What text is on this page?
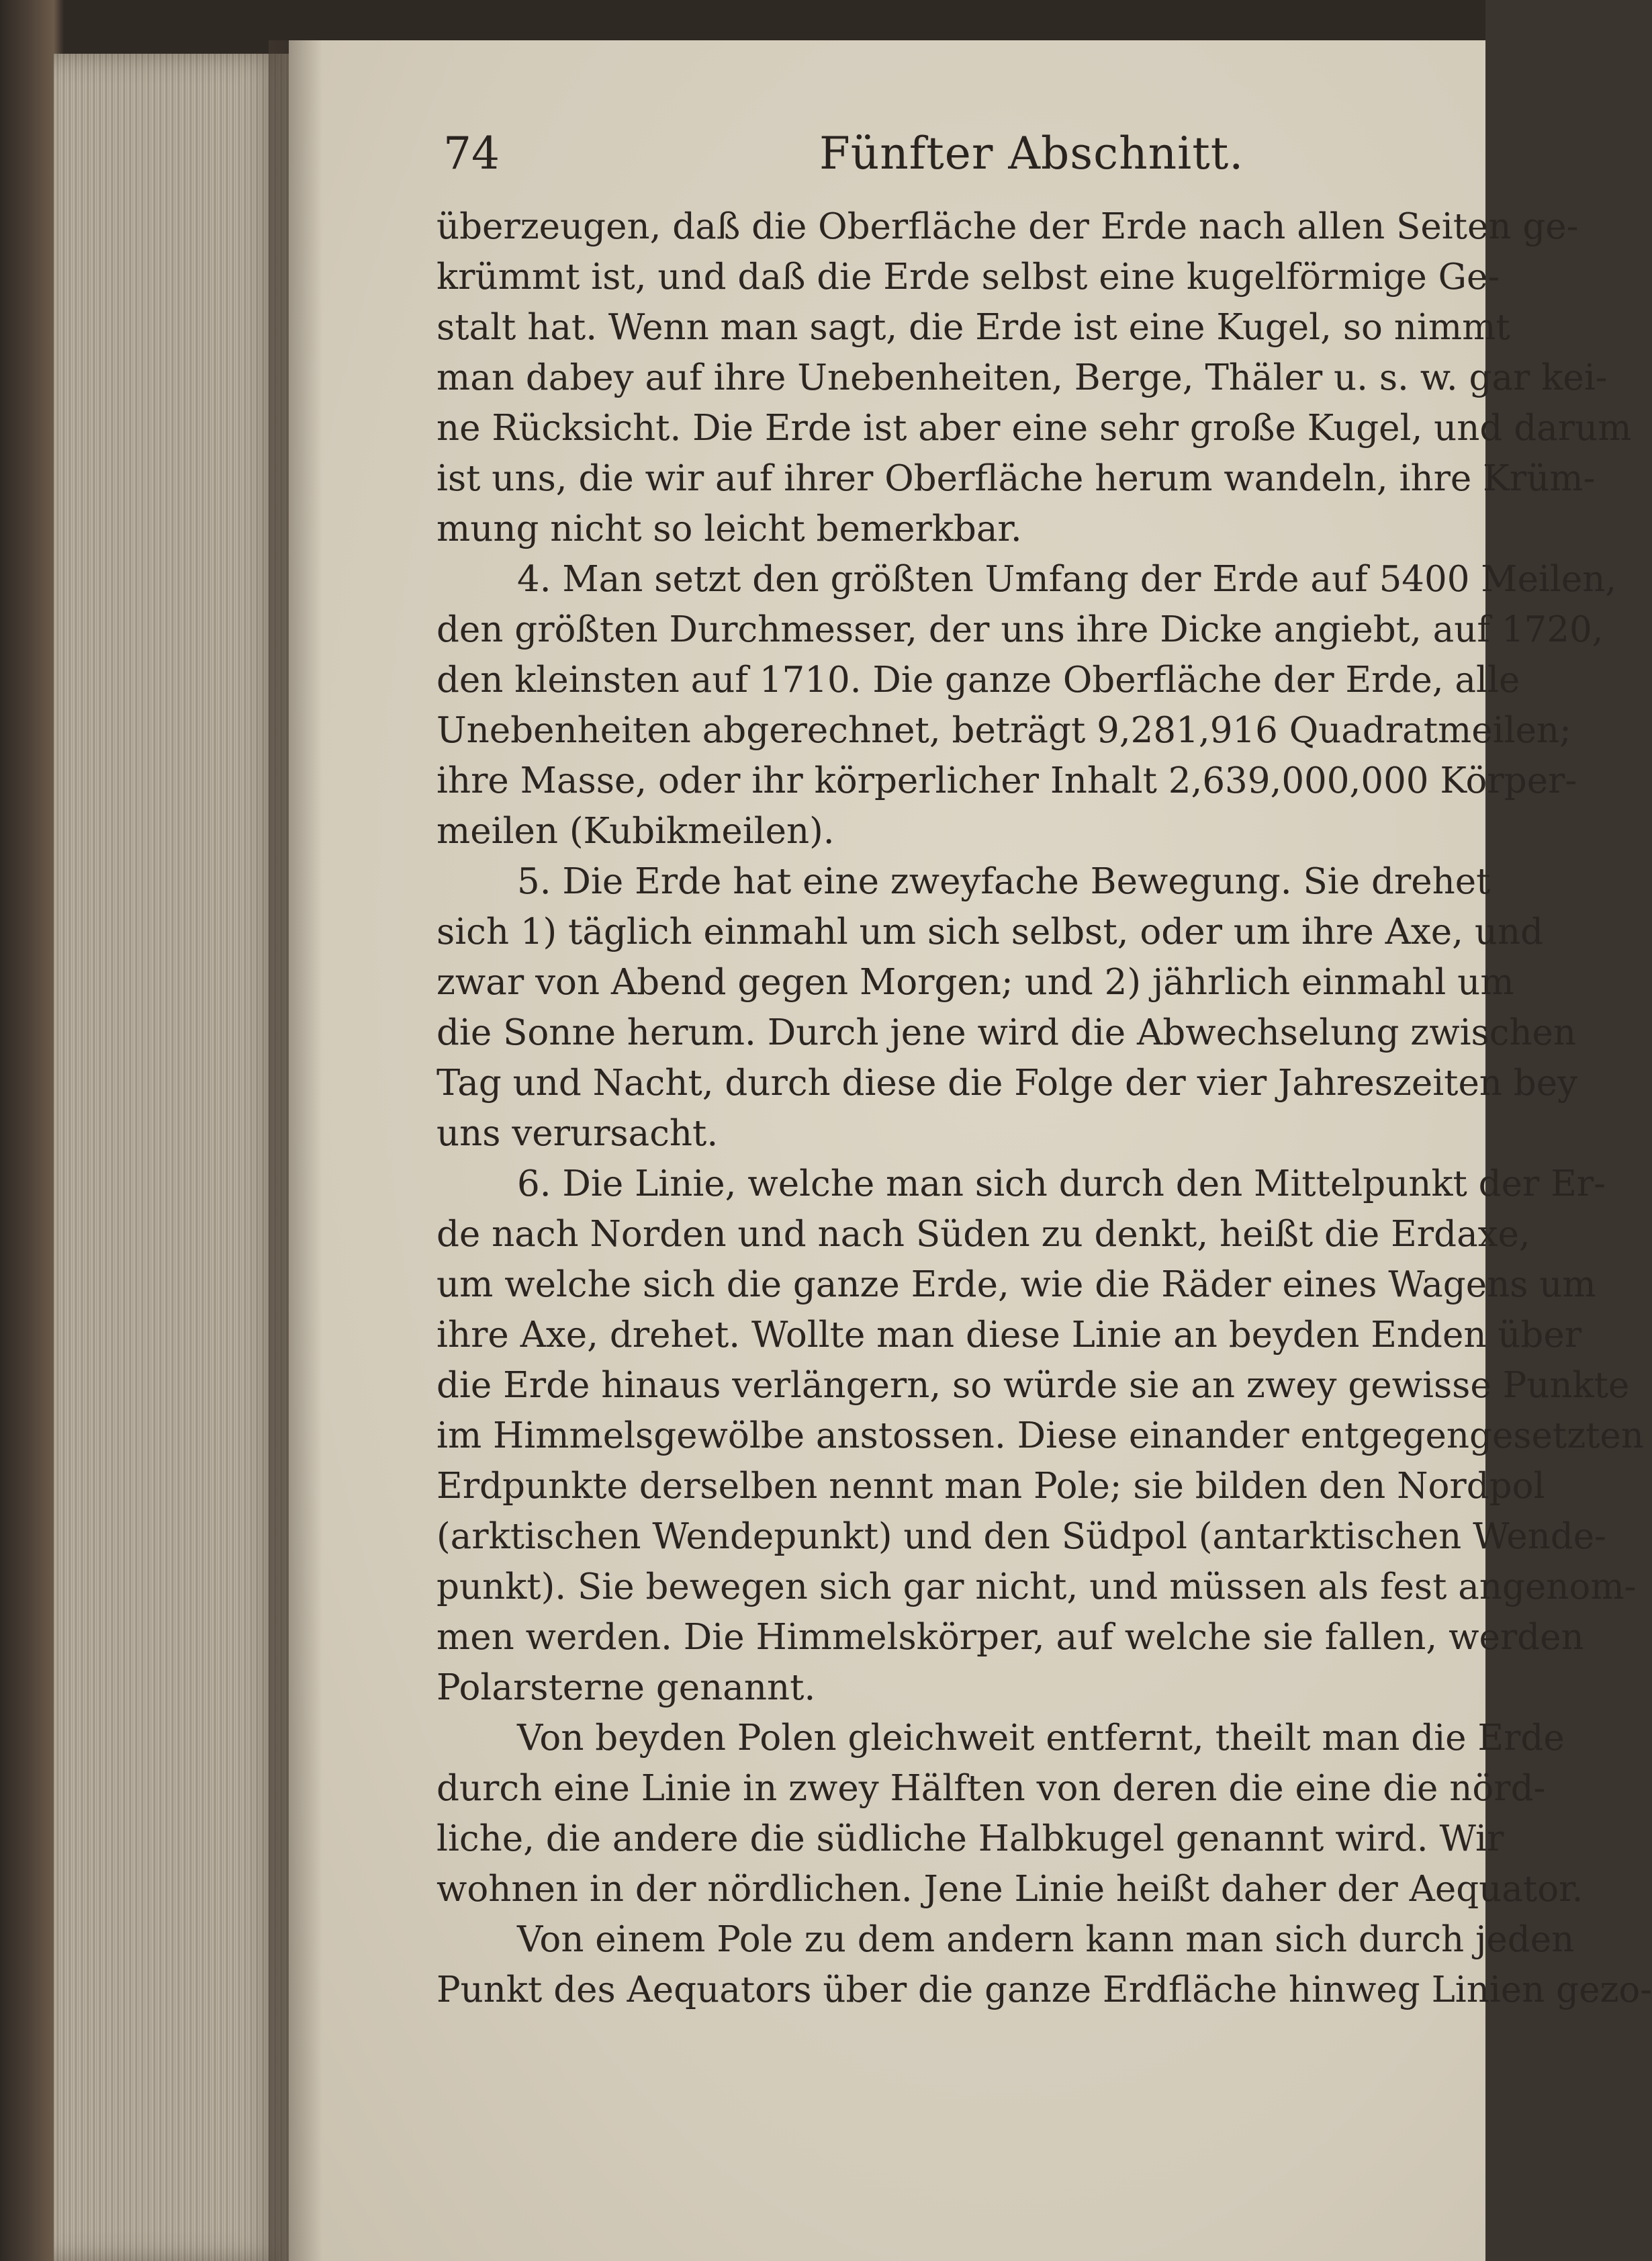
74	Fünfter Abschnitt.
überzeugen, daß die Oberfläche der Erde nach allen Seiten ge-
krümmt ist, und daß die Erde selbst eine kugelförmige Ge-
stalt hat. Wenn man sagt, die Erde ist eine Kugel, so nimmt
man dabey auf ihre Unebenheiten, Berge, Thäler u. s. w. gar kei-
ne Rücksicht. Die Erde ist aber eine sehr große Kugel, und darum
ist uns, die wir auf ihrer Oberfläche herum wandeln, ihre Krüm-
mung nicht so leicht bemerkbar.
4. Man setzt den größten Umfang der Erde auf 5400 Meilen,
den größten Durchmesser, der uns ihre Dicke angiebt, auf 1720,
den kleinsten auf 1710. Die ganze Oberfläche der Erde, alle
Unebenheiten abgerechnet, beträgt 9,281,916 Quadratmeilen;
ihre Masse, oder ihr körperlicher Inhalt 2,639,000,000 Körper-
meilen (Kubikmeilen).
5. Die Erde hat eine zweyfache Bewegung. Sie drehet
sich 1) täglich einmahl um sich selbst, oder um ihre Axe, und
zwar von Abend gegen Morgen; und 2) jährlich einmahl um
die Sonne herum. Durch jene wird die Abwechselung zwischen
Tag und Nacht, durch diese die Folge der vier Jahreszeiten bey
uns verursacht.
6. Die Linie, welche man sich durch den Mittelpunkt der Er-
de nach Norden und nach Süden zu denkt, heißt die Erdaxe,
um welche sich die ganze Erde, wie die Räder eines Wagens um
ihre Axe, drehet. Wollte man diese Linie an beyden Enden über
die Erde hinaus verlängern, so würde sie an zwey gewisse Punkte
im Himmelsgewölbe anstossen. Diese einander entgegengesetzten
Erdpunkte derselben nennt man Pole; sie bilden den Nordpol
(arktischen Wendepunkt) und den Südpol (antarktischen Wende-
punkt). Sie bewegen sich gar nicht, und müssen als fest angenom-
men werden. Die Himmelskörper, auf welche sie fallen, werden
Polarsterne genannt.
Von beyden Polen gleichweit entfernt, theilt man die Erde
durch eine Linie in zwey Hälften von deren die eine die nörd-
liche, die andere die südliche Halbkugel genannt wird. Wir
wohnen in der nördlichen. Jene Linie heißt daher der Aequator.
Von einem Pole zu dem andern kann man sich durch jeden
Punkt des Aequators über die ganze Erdfläche hinweg Linien gezo-
